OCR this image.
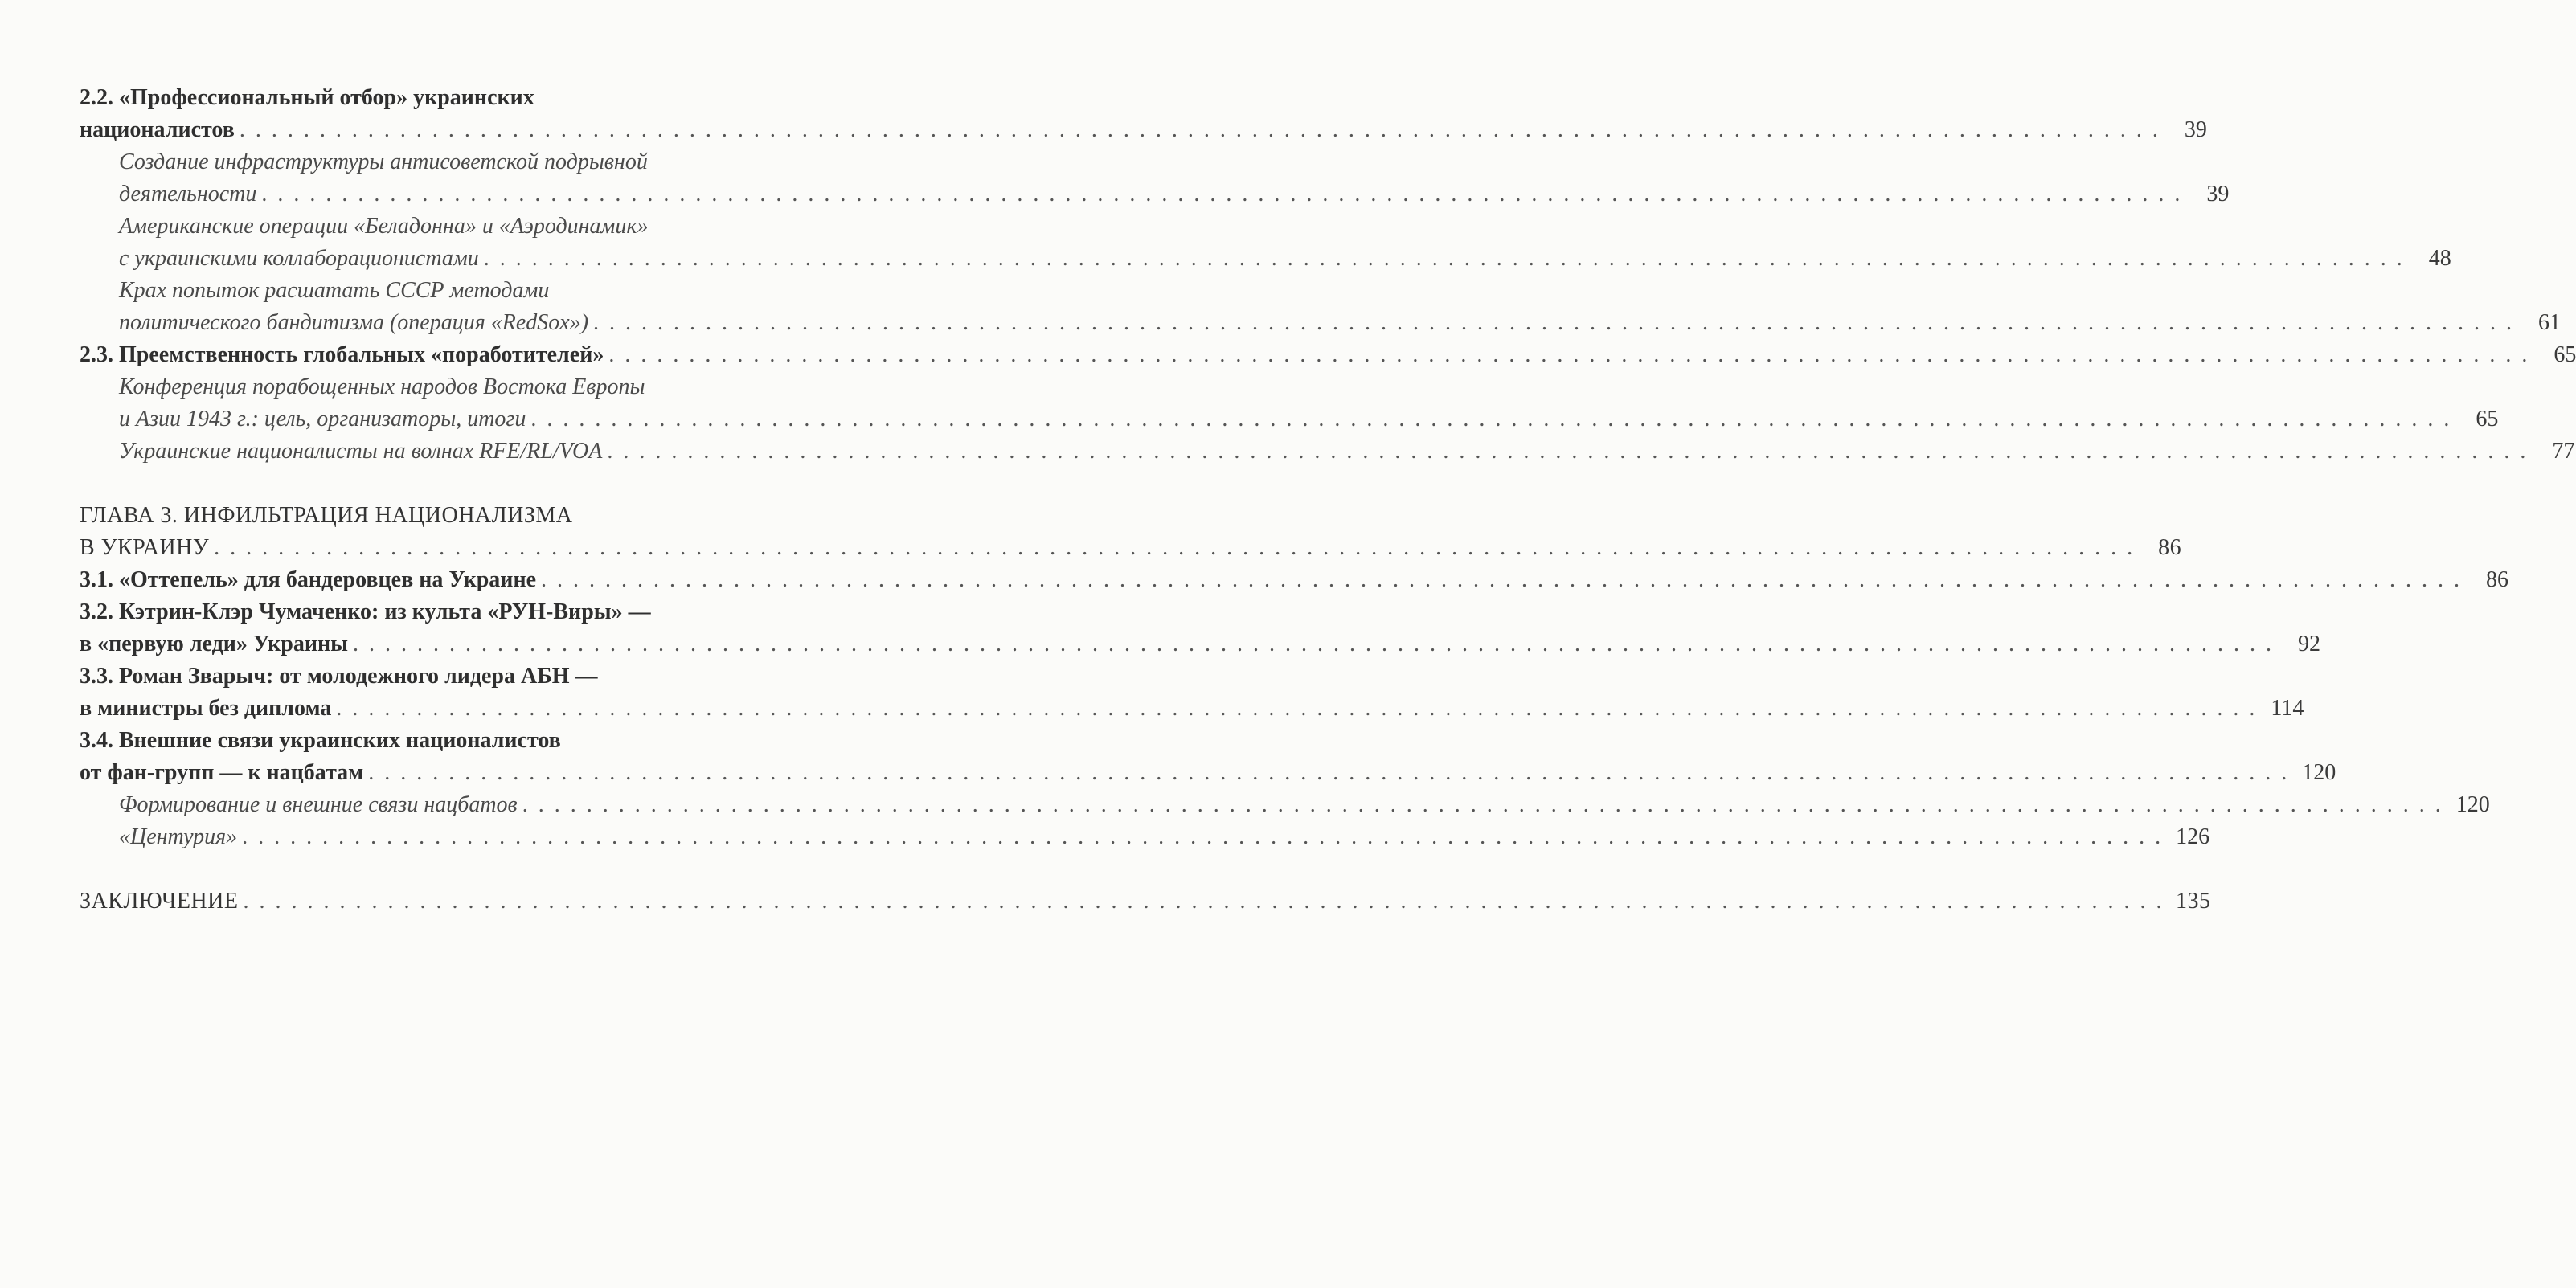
2.2. «Профессиональный отбор» украинских
националистов . . . . . . . . . . . . . . . . . . . . . . . . . . . . . . . . . . . . . . . . . . . . . . . . . . . . . . . . . . . . . . . . . . . . . . . . . . . . . . . . . . . . . . . . . . . . . . . . . . . . . . . . . . . . . . . . . . . . . . . .	39
Создание инфраструктуры антисоветской подрывной
деятельности . . . . . . . . . . . . . . . . . . . . . . . . . . . . . . . . . . . . . . . . . . . . . . . . . . . . . . . . . . . . . . . . . . . . . . . . . . . . . . . . . . . . . . . . . . . . . . . . . . . . . . . . . . . . . . . . . . . . . . . .	39
Американские операции «Беладонна» и «Аэродинамик»
с украинскими коллаборационистами . . . . . . . . . . . . . . . . . . . . . . . . . . . . . . . . . . . . . . . . . . . . . . . . . . . . . . . . . . . . . . . . . . . . . . . . . . . . . . . . . . . . . . . . . . . . . . . . . . . . . . . . . . . . . . . . . . . . . . . .	48
Крах попыток расшатать СССР методами
политического бандитизма (операция «RedSox») . . . . . . . . . . . . . . . . . . . . . . . . . . . . . . . . . . . . . . . . . . . . . . . . . . . . . . . . . . . . . . . . . . . . . . . . . . . . . . . . . . . . . . . . . . . . . . . . . . . . . . . . . . . . . . . . . . . . . . . .	61
2.3. Преемственность глобальных «поработителей» . . . . . . . . . . . . . . . . . . . . . . . . . . . . . . . . . . . . . . . . . . . . . . . . . . . . . . . . . . . . . . . . . . . . . . . . . . . . . . . . . . . . . . . . . . . . . . . . . . . . . . . . . . . . . . . . . . . . . . . .	65
Конференция порабощенных народов Востока Европы
и Азии 1943 г.: цель, организаторы, итоги . . . . . . . . . . . . . . . . . . . . . . . . . . . . . . . . . . . . . . . . . . . . . . . . . . . . . . . . . . . . . . . . . . . . . . . . . . . . . . . . . . . . . . . . . . . . . . . . . . . . . . . . . . . . . . . . . . . . . . . .	65
Украинские националисты на волнах RFE/RL/VOA . . . . . . . . . . . . . . . . . . . . . . . . . . . . . . . . . . . . . . . . . . . . . . . . . . . . . . . . . . . . . . . . . . . . . . . . . . . . . . . . . . . . . . . . . . . . . . . . . . . . . . . . . . . . . . . . . . . . . . . .	77
ГЛАВА 3. ИНФИЛЬТРАЦИЯ НАЦИОНАЛИЗМА
В УКРАИНУ . . . . . . . . . . . . . . . . . . . . . . . . . . . . . . . . . . . . . . . . . . . . . . . . . . . . . . . . . . . . . . . . . . . . . . . . . . . . . . . . . . . . . . . . . . . . . . . . . . . . . . . . . . . . . . . . . . . . . . . .	86
3.1. «Оттепель» для бандеровцев на Украине . . . . . . . . . . . . . . . . . . . . . . . . . . . . . . . . . . . . . . . . . . . . . . . . . . . . . . . . . . . . . . . . . . . . . . . . . . . . . . . . . . . . . . . . . . . . . . . . . . . . . . . . . . . . . . . . . . . . . . . .	86
3.2. Кэтрин-Клэр Чумаченко: из культа «РУН-Виры» —
в «первую леди» Украины . . . . . . . . . . . . . . . . . . . . . . . . . . . . . . . . . . . . . . . . . . . . . . . . . . . . . . . . . . . . . . . . . . . . . . . . . . . . . . . . . . . . . . . . . . . . . . . . . . . . . . . . . . . . . . . . . . . . . . . .	92
3.3. Роман Зварыч: от молодежного лидера АБН —
в министры без диплома . . . . . . . . . . . . . . . . . . . . . . . . . . . . . . . . . . . . . . . . . . . . . . . . . . . . . . . . . . . . . . . . . . . . . . . . . . . . . . . . . . . . . . . . . . . . . . . . . . . . . . . . . . . . . . . . . . . . . . . . 114
3.4. Внешние связи украинских националистов
от фан-групп — к нацбатам . . . . . . . . . . . . . . . . . . . . . . . . . . . . . . . . . . . . . . . . . . . . . . . . . . . . . . . . . . . . . . . . . . . . . . . . . . . . . . . . . . . . . . . . . . . . . . . . . . . . . . . . . . . . . . . . . . . . . . . . 120
Формирование и внешние связи нацбатов . . . . . . . . . . . . . . . . . . . . . . . . . . . . . . . . . . . . . . . . . . . . . . . . . . . . . . . . . . . . . . . . . . . . . . . . . . . . . . . . . . . . . . . . . . . . . . . . . . . . . . . . . . . . . . . . . . . . . . . . 120
«Центурия» . . . . . . . . . . . . . . . . . . . . . . . . . . . . . . . . . . . . . . . . . . . . . . . . . . . . . . . . . . . . . . . . . . . . . . . . . . . . . . . . . . . . . . . . . . . . . . . . . . . . . . . . . . . . . . . . . . . . . . . . 126
ЗАКЛЮЧЕНИЕ . . . . . . . . . . . . . . . . . . . . . . . . . . . . . . . . . . . . . . . . . . . . . . . . . . . . . . . . . . . . . . . . . . . . . . . . . . . . . . . . . . . . . . . . . . . . . . . . . . . . . . . . . . . . . . . . . . . . . . . . 135
